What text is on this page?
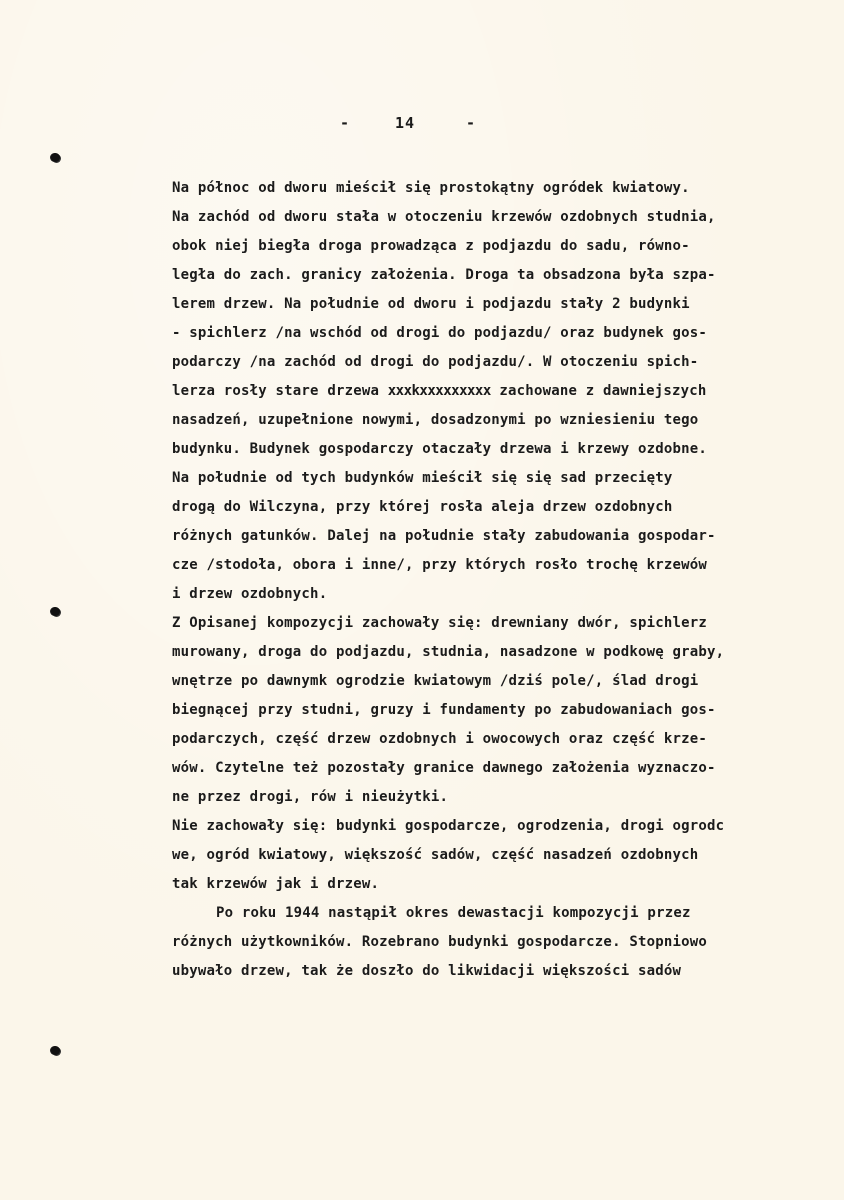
-	14	-
Na północ od dworu mieścił się prostokątny ogródek kwiatowy.
Na zachód od dworu stała w otoczeniu krzewów ozdobnych studnia,
obok niej biegła droga prowadząca z podjazdu do sadu, równo-
legła do zach. granicy założenia. Droga ta obsadzona była szpa-
lerem drzew. Na południe od dworu i podjazdu stały 2 budynki
- spichlerz /na wschód od drogi do podjazdu/ oraz budynek gos-
podarczy /na zachód od drogi do podjazdu/. W otoczeniu spich-
lerza rosły stare drzewa xxxkxxxxxxxxx zachowane z dawniejszych
nasadzeń, uzupełnione nowymi, dosadzonymi po wzniesieniu tego
budynku. Budynek gospodarczy otaczały drzewa i krzewy ozdobne.
Na południe od tych budynków mieścił się się sad przecięty
drogą do Wilczyna, przy której rosła aleja drzew ozdobnych
różnych gatunków. Dalej na południe stały zabudowania gospodar-
cze /stodoła, obora i inne/, przy których rosło trochę krzewów
i drzew ozdobnych.
Z Opisanej kompozycji zachowały się: drewniany dwór, spichlerz
murowany, droga do podjazdu, studnia, nasadzone w podkowę graby,
wnętrze po dawnymk ogrodzie kwiatowym /dziś pole/, ślad drogi
biegnącej przy studni, gruzy i fundamenty po zabudowaniach gos-
podarczych, część drzew ozdobnych i owocowych oraz część krze-
wów. Czytelne też pozostały granice dawnego założenia wyznaczo-
ne przez drogi, rów i nieużytki.
Nie zachowały się: budynki gospodarcze, ogrodzenia, drogi ogrodc
we, ogród kwiatowy, większość sadów, część nasadzeń ozdobnych
tak krzewów jak i drzew.
Po roku 1944 nastąpił okres dewastacji kompozycji przez
różnych użytkowników. Rozebrano budynki gospodarcze. Stopniowo
ubywało drzew, tak że doszło do likwidacji większości sadów
